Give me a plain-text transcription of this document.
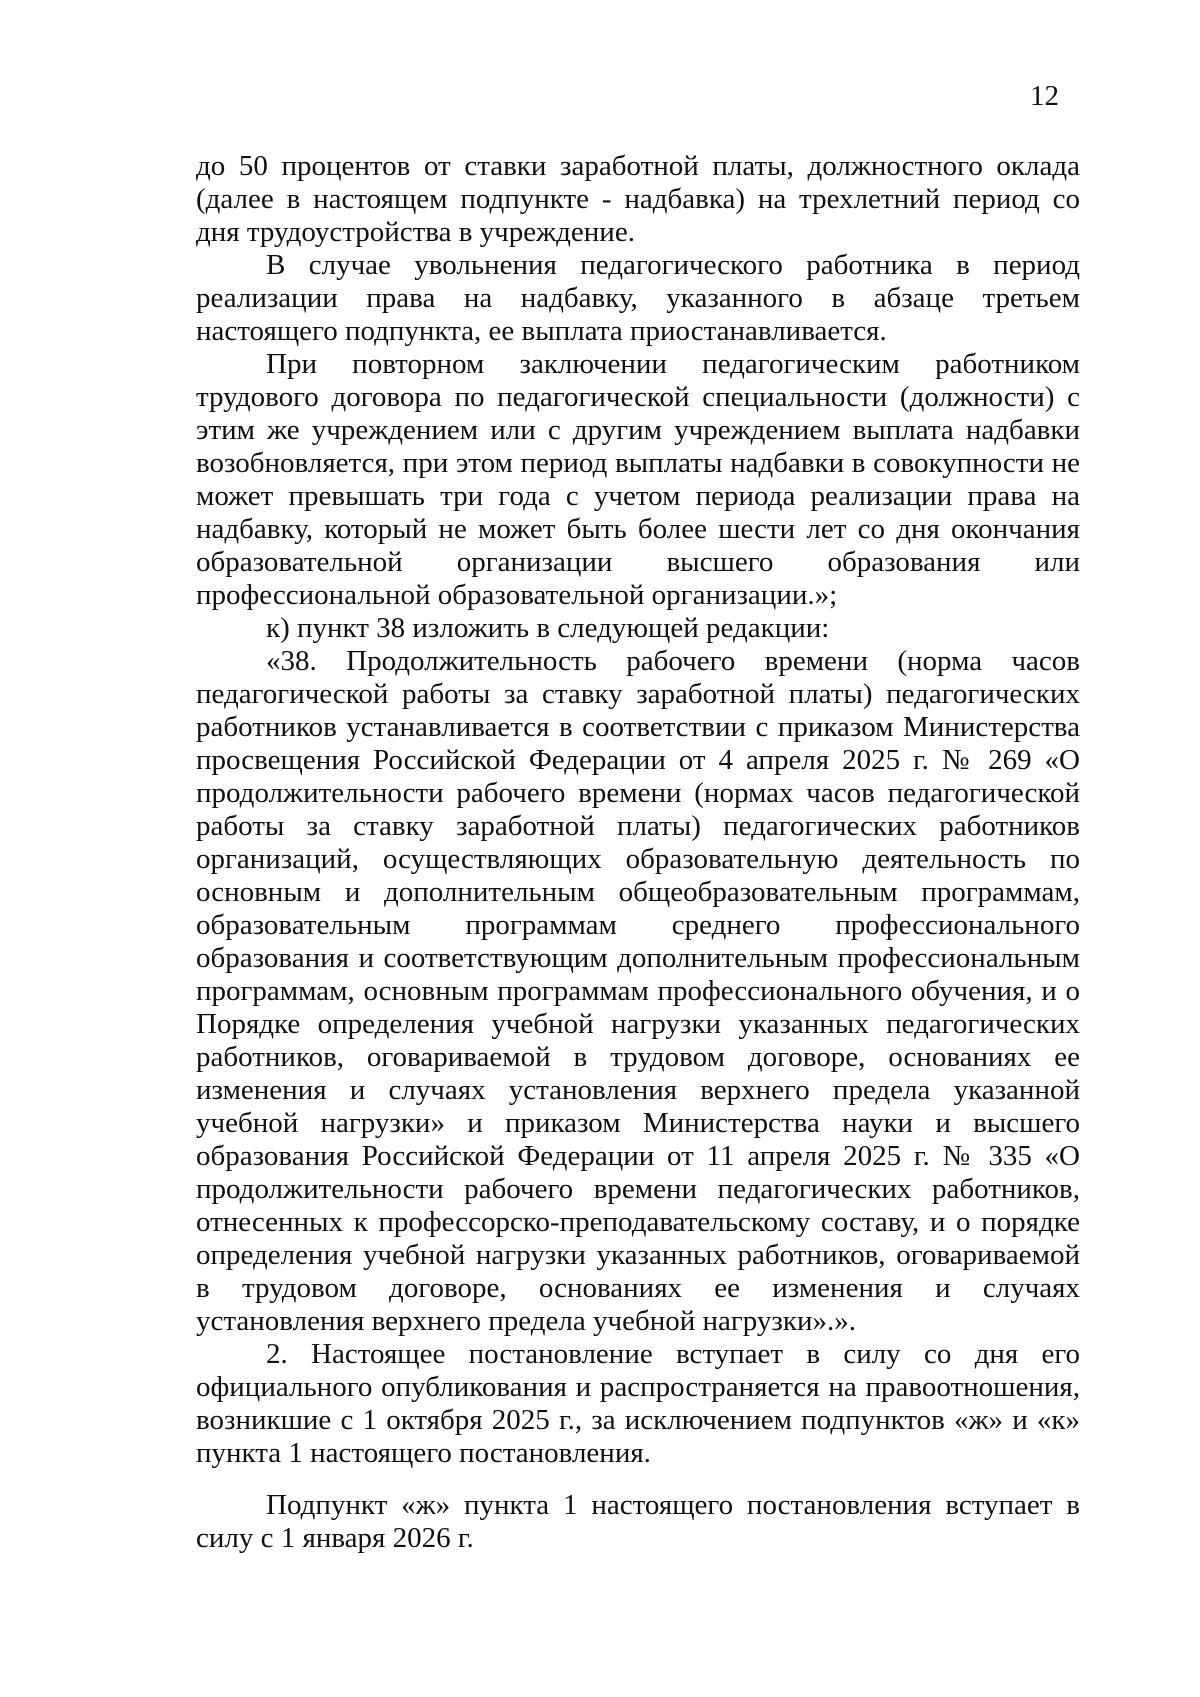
12

до 50 процентов от ставки заработной платы, должностного оклада (далее в настоящем подпункте - надбавка) на трехлетний период со дня трудоустройства в учреждение.

В случае увольнения педагогического работника в период реализации права на надбавку, указанного в абзаце третьем настоящего подпункта, ее выплата приостанавливается.

При повторном заключении педагогическим работником трудового договора по педагогической специальности (должности) с этим же учреждением или с другим учреждением выплата надбавки возобновляется, при этом период выплаты надбавки в совокупности не может превышать три года с учетом периода реализации права на надбавку, который не может быть более шести лет со дня окончания образовательной организации высшего образования или профессиональной образовательной организации.»;

к) пункт 38 изложить в следующей редакции:

«38. Продолжительность рабочего времени (норма часов педагогической работы за ставку заработной платы) педагогических работников устанавливается в соответствии с приказом Министерства просвещения Российской Федерации от 4 апреля 2025 г. № 269 «О продолжительности рабочего времени (нормах часов педагогической работы за ставку заработной платы) педагогических работников организаций, осуществляющих образовательную деятельность по основным и дополнительным общеобразовательным программам, образовательным программам среднего профессионального образования и соответствующим дополнительным профессиональным программам, основным программам профессионального обучения, и о Порядке определения учебной нагрузки указанных педагогических работников, оговариваемой в трудовом договоре, основаниях ее изменения и случаях установления верхнего предела указанной учебной нагрузки» и приказом Министерства науки и высшего образования Российской Федерации от 11 апреля 2025 г. № 335 «О продолжительности рабочего времени педагогических работников, отнесенных к профессорско-преподавательскому составу, и о порядке определения учебной нагрузки указанных работников, оговариваемой в трудовом договоре, основаниях ее изменения и случаях установления верхнего предела учебной нагрузки».».

2. Настоящее постановление вступает в силу со дня его официального опубликования и распространяется на правоотношения, возникшие с 1 октября 2025 г., за исключением подпунктов «ж» и «к» пункта 1 настоящего постановления.

Подпункт «ж» пункта 1 настоящего постановления вступает в силу с 1 января 2026 г.
